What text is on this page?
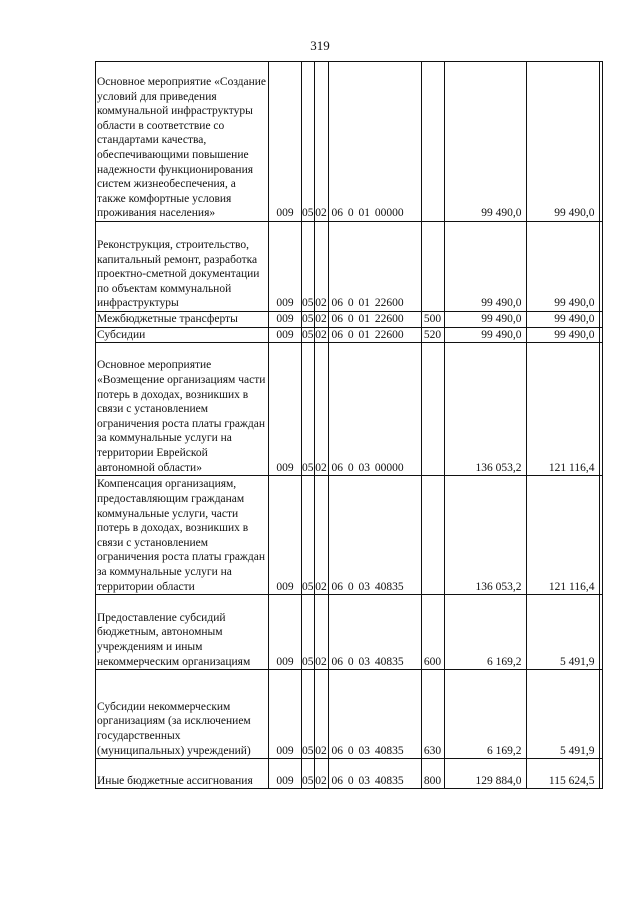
319
Основное мероприятие «Создание условий для приведения коммунальной инфраструктуры области в соответствие со стандартами качества, обеспечивающими повышение надежности функционирования систем жизнеобеспечения, а также комфортные условия проживания населения»	009	05	02	06 0 01 00000		99 490,0	99 490,0	

Реконструкция, строительство, капитальный ремонт, разработка проектно-сметной документации по объектам коммунальной инфраструктуры	009	05	02	06 0 01 22600		99 490,0	99 490,0	

Межбюджетные трансферты	009	05	02	06 0 01 22600	500	99 490,0	99 490,0	

Субсидии	009	05	02	06 0 01 22600	520	99 490,0	99 490,0	

Основное мероприятие «Возмещение организациям части потерь в доходах, возникших в связи с установлением ограничения роста платы граждан за коммунальные услуги на территории Еврейской автономной области»	009	05	02	06 0 03 00000		136 053,2	121 116,4	

Компенсация организациям, предоставляющим гражданам коммунальные услуги, части потерь в доходах, возникших в связи с установлением ограничения роста платы граждан за коммунальные услуги на территории области	009	05	02	06 0 03 40835		136 053,2	121 116,4	

Предоставление субсидий бюджетным, автономным учреждениям и иным некоммерческим организациям	009	05	02	06 0 03 40835	600	6 169,2	5 491,9	

Субсидии некоммерческим организациям (за исключением государственных (муниципальных) учреждений)	009	05	02	06 0 03 40835	630	6 169,2	5 491,9	

Иные бюджетные ассигнования	009	05	02	06 0 03 40835	800	129 884,0	115 624,5	
